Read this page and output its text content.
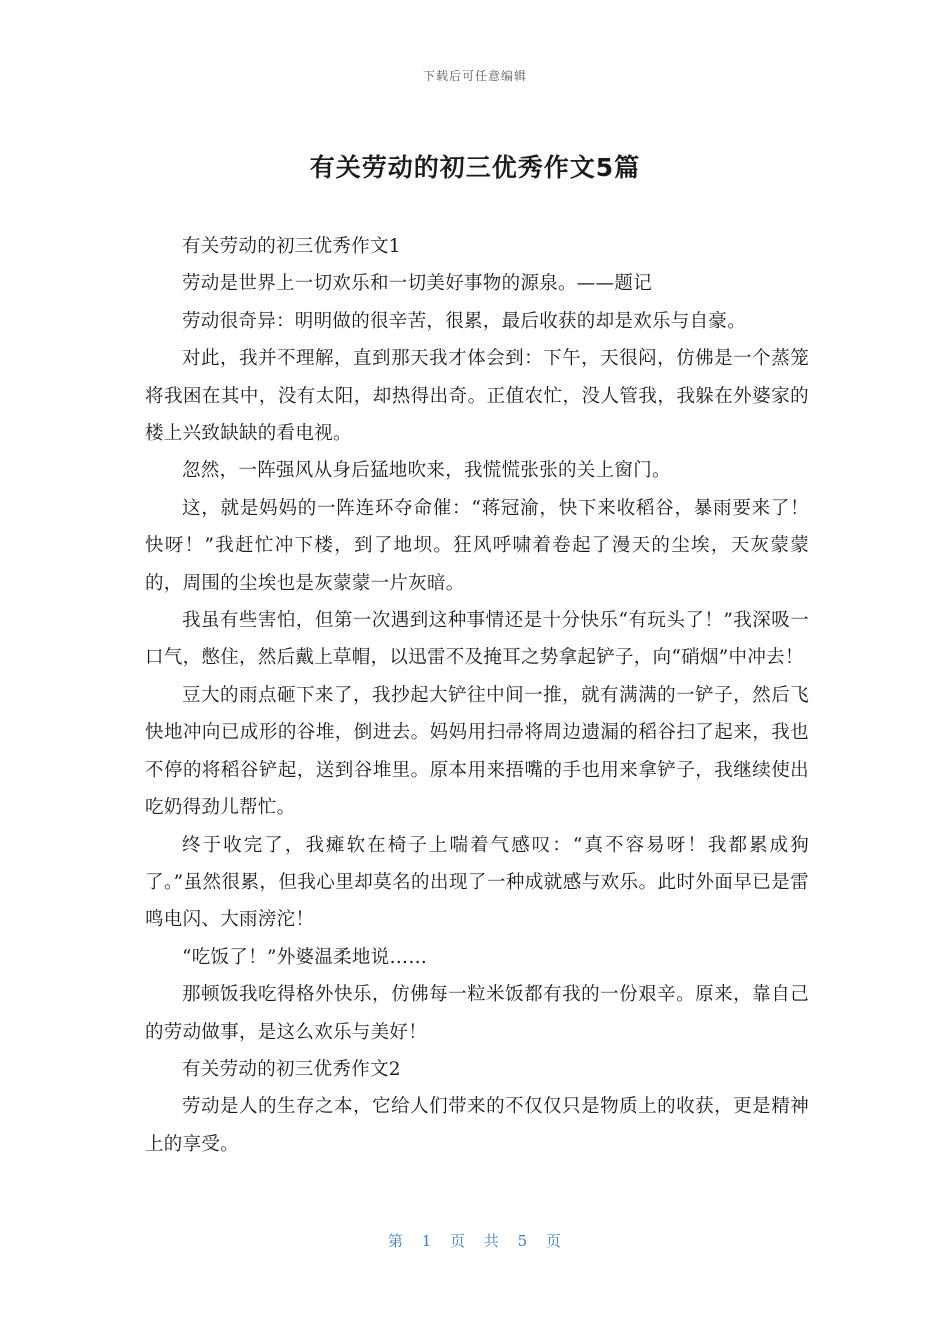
下载后可任意编辑
有关劳动的初三优秀作文5篇

有关劳动的初三优秀作文1

劳动是世界上一切欢乐和一切美好事物的源泉。——题记

劳动很奇异：明明做的很辛苦，很累，最后收获的却是欢乐与自豪。

对此，我并不理解，直到那天我才体会到：下午，天很闷，仿佛是一个蒸笼将我困在其中，没有太阳，却热得出奇。正值农忙，没人管我，我躲在外婆家的楼上兴致缺缺的看电视。

忽然，一阵强风从身后猛地吹来，我慌慌张张的关上窗门。

这，就是妈妈的一阵连环夺命催：“蒋冠渝，快下来收稻谷，暴雨要来了！快呀！”我赶忙冲下楼，到了地坝。狂风呼啸着卷起了漫天的尘埃，天灰蒙蒙的，周围的尘埃也是灰蒙蒙一片灰暗。

我虽有些害怕，但第一次遇到这种事情还是十分快乐“有玩头了！”我深吸一口气，憋住，然后戴上草帽，以迅雷不及掩耳之势拿起铲子，向“硝烟”中冲去！

豆大的雨点砸下来了，我抄起大铲往中间一推，就有满满的一铲子，然后飞快地冲向已成形的谷堆，倒进去。妈妈用扫帚将周边遗漏的稻谷扫了起来，我也不停的将稻谷铲起，送到谷堆里。原本用来捂嘴的手也用来拿铲子，我继续使出吃奶得劲儿帮忙。

终于收完了，我瘫软在椅子上喘着气感叹：“真不容易呀！我都累成狗了。”虽然很累，但我心里却莫名的出现了一种成就感与欢乐。此时外面早已是雷鸣电闪、大雨滂沱！

“吃饭了！”外婆温柔地说……

那顿饭我吃得格外快乐，仿佛每一粒米饭都有我的一份艰辛。原来，靠自己的劳动做事，是这么欢乐与美好！

有关劳动的初三优秀作文2

劳动是人的生存之本，它给人们带来的不仅仅只是物质上的收获，更是精神上的享受。

第 1 页 共 5 页
